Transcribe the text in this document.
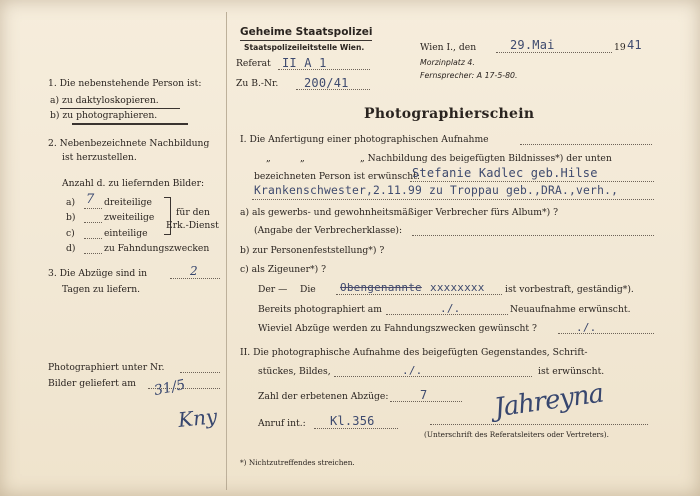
1. Die nebenstehende Person ist:
a) zu daktyloskopieren.
b) zu photographieren.
2. Nebenbezeichnete Nachbildung
ist herzustellen.
Anzahl d. zu liefernden Bilder:
a) 7 dreiteilige
b)	zweiteilige
c)	einteilige
d)	zu Fahndungszwecken
für den
Erk.-Dienst
3. Die Abzüge sind in	2
Tagen zu liefern.
Photographiert unter Nr.
Bilder geliefert am 31/5
Kny
Geheime Staatspolizei
Staatspolizeileitstelle Wien.
Referat II A 1
Zu B.-Nr. 200/41
Wien I., den	29.Mai	19 41
Morzinplatz 4.
Fernsprecher: A 17-5-80.
Photographierschein
I. Die Anfertigung einer photographischen Aufnahme
„	„	„ Nachbildung des beigefügten Bildnisses*) der unten
bezeichneten Person ist erwünscht:
Stefanie Kadlec geb.Hilse
Krankenschwester,2.11.99 zu Troppau geb.,DRA.,verh.,
a) als gewerbs- und gewohnheitsmäßiger Verbrecher fürs Album*) ?
(Angabe der Verbrecherklasse):
b) zur Personenfeststellung*) ?
c) als Zigeuner*) ?
Der — Die Obengenannte xxxxxxxx ist vorbestraft, geständig*).
Bereits photographiert am	./.	Neuaufnahme erwünscht.
Wieviel Abzüge werden zu Fahndungszwecken gewünscht ?	./.
II. Die photographische Aufnahme des beigefügten Gegenstandes, Schrift-
stückes, Bildes,	./.	ist erwünscht.
Zahl der erbetenen Abzüge:	7
Anruf int.: Kl.356	Jahreyna
(Unterschrift des Referatsleiters oder Vertreters).
*) Nichtzutreffendes streichen.
